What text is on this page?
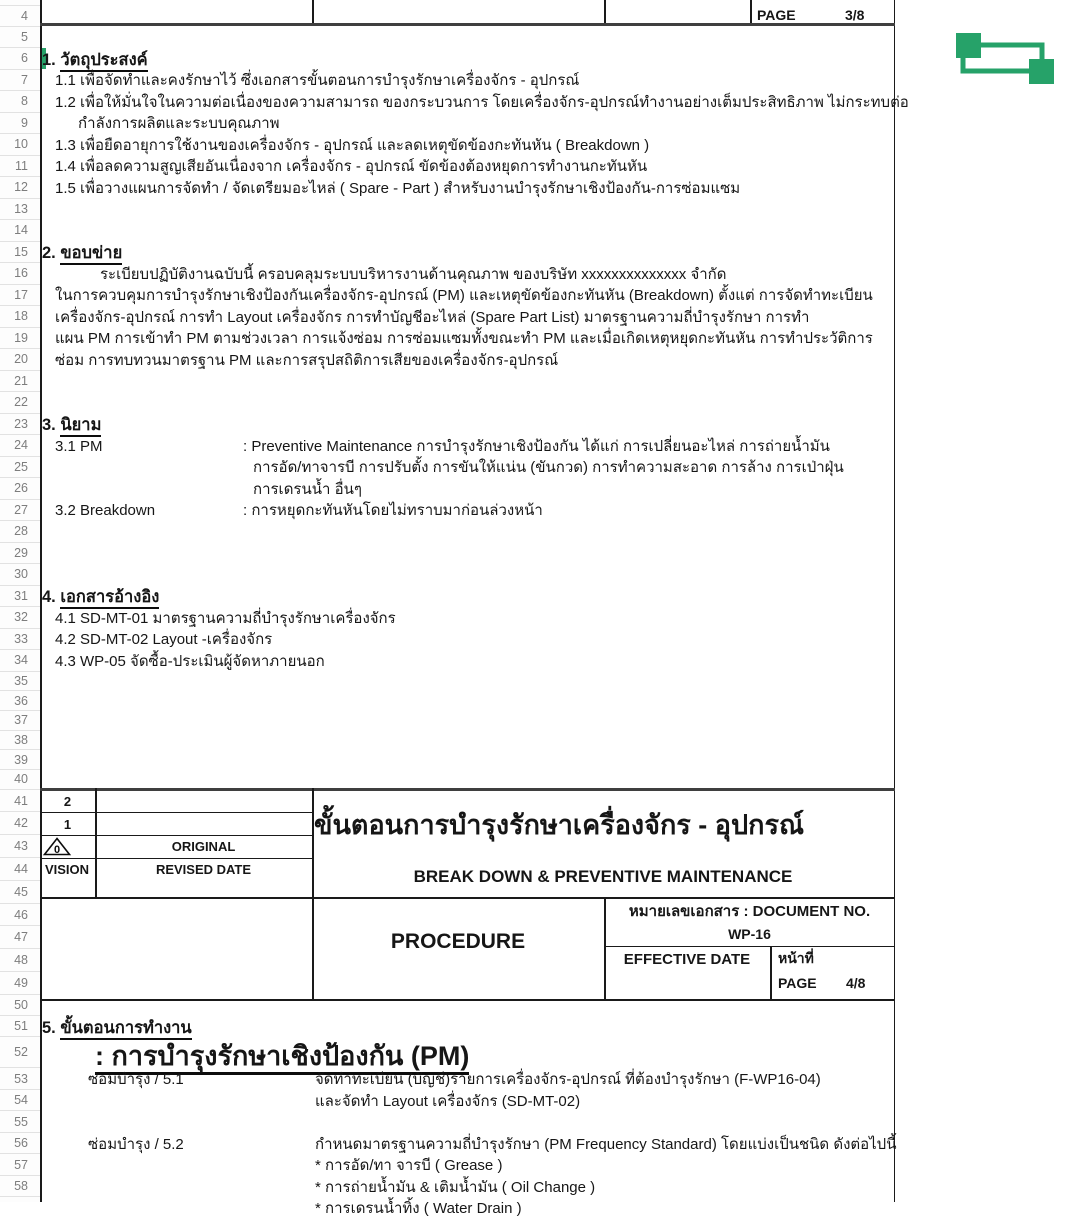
4
5
6
7
8
9
10
11
12
13
14
15
16
17
18
19
20
21
22
23
24
25
26
27
28
29
30
31
32
33
34
35
36
37
38
39
40
41
42
43
44
45
46
47
48
49
50
51
52
53
54
55
56
57
58
PAGE	3/8
1. วัตถุประสงค์
1.1 เพื่อจัดทำและคงรักษาไว้ ซึ่งเอกสารขั้นตอนการบำรุงรักษาเครื่องจักร - อุปกรณ์
1.2 เพื่อให้มั่นใจในความต่อเนื่องของความสามารถ ของกระบวนการ โดยเครื่องจักร-อุปกรณ์ทำงานอย่างเต็มประสิทธิภาพ ไม่กระทบต่อ
กำลังการผลิตและระบบคุณภาพ
1.3 เพื่อยืดอายุการใช้งานของเครื่องจักร - อุปกรณ์ และลดเหตุขัดข้องกะทันหัน ( Breakdown )
1.4 เพื่อลดความสูญเสียอันเนื่องจาก เครื่องจักร - อุปกรณ์ ขัดข้องต้องหยุดการทำงานกะทันหัน
1.5 เพื่อวางแผนการจัดทำ / จัดเตรียมอะไหล่ ( Spare - Part ) สำหรับงานบำรุงรักษาเชิงป้องกัน-การซ่อมแซม
2. ขอบข่าย
ระเบียบปฏิบัติงานฉบับนี้ ครอบคลุมระบบบริหารงานด้านคุณภาพ ของบริษัท xxxxxxxxxxxxxx จำกัด
ในการควบคุมการบำรุงรักษาเชิงป้องกันเครื่องจักร-อุปกรณ์ (PM) และเหตุขัดข้องกะทันหัน (Breakdown) ตั้งแต่ การจัดทำทะเบียน
เครื่องจักร-อุปกรณ์ การทำ Layout เครื่องจักร การทำบัญชีอะไหล่ (Spare Part List) มาตรฐานความถี่บำรุงรักษา การทำ
แผน PM การเข้าทำ PM ตามช่วงเวลา การแจ้งซ่อม การซ่อมแซมทั้งขณะทำ PM และเมื่อเกิดเหตุหยุดกะทันหัน การทำประวัติการ
ซ่อม การทบทวนมาตรฐาน PM และการสรุปสถิติการเสียของเครื่องจักร-อุปกรณ์
3. นิยาม
3.1 PM	: Preventive Maintenance การบำรุงรักษาเชิงป้องกัน ได้แก่ การเปลี่ยนอะไหล่ การถ่ายน้ำมัน
การอัด/ทาจารบี การปรับตั้ง การขันให้แน่น (ขันกวด) การทำความสะอาด การล้าง การเป่าฝุ่น
การเดรนน้ำ อื่นๆ
3.2 Breakdown	: การหยุดกะทันหันโดยไม่ทราบมาก่อนล่วงหน้า
4. เอกสารอ้างอิง
4.1 SD-MT-01 มาตรฐานความถี่บำรุงรักษาเครื่องจักร
4.2 SD-MT-02 Layout -เครื่องจักร
4.3 WP-05 จัดซื้อ-ประเมินผู้จัดหาภายนอก
2
1
0	ORIGINAL
VISION	REVISED DATE
ขั้นตอนการบำรุงรักษาเครื่องจักร - อุปกรณ์
BREAK DOWN & PREVENTIVE MAINTENANCE
PROCEDURE
หมายเลขเอกสาร : DOCUMENT NO.
WP-16
EFFECTIVE DATE	หน้าที่
PAGE 4/8
5. ขั้นตอนการทำงาน
: การบำรุงรักษาเชิงป้องกัน (PM)
ซ่อมบำรุง / 5.1	จัดทำทะเบียน (บัญชี)รายการเครื่องจักร-อุปกรณ์ ที่ต้องบำรุงรักษา (F-WP16-04)
และจัดทำ Layout เครื่องจักร (SD-MT-02)
ซ่อมบำรุง / 5.2	กำหนดมาตรฐานความถี่บำรุงรักษา (PM Frequency Standard) โดยแบ่งเป็นชนิด ดังต่อไปนี้
* การอัด/ทา จารบี ( Grease )
* การถ่ายน้ำมัน & เติมน้ำมัน ( Oil Change )
* การเดรนน้ำทิ้ง ( Water Drain )
